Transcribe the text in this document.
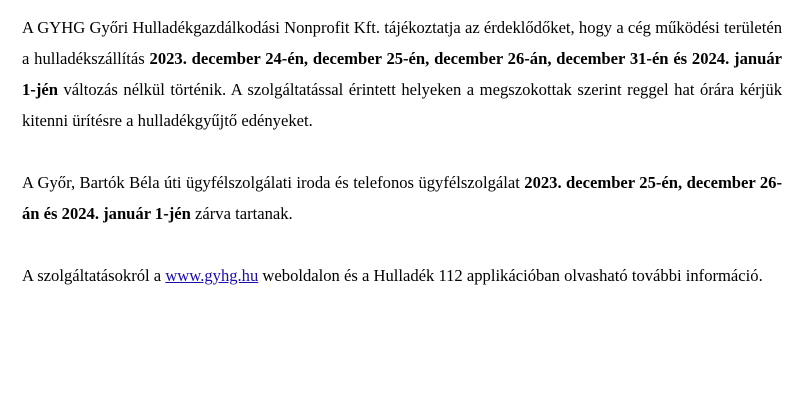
A GYHG Győri Hulladékgazdálkodási Nonprofit Kft. tájékoztatja az érdeklődőket, hogy a cég működési területén a hulladékszállítás 2023. december 24-én, december 25-én, december 26-án, december 31-én és 2024. január 1-jén változás nélkül történik. A szolgáltatással érintett helyeken a megszokottak szerint reggel hat órára kérjük kitenni ürítésre a hulladékgyűjtő edényeket.

A Győr, Bartók Béla úti ügyfélszolgálati iroda és telefonos ügyfélszolgálat 2023. december 25-én, december 26-án és 2024. január 1-jén zárva tartanak.

A szolgáltatásokról a www.gyhg.hu weboldalon és a Hulladék 112 applikációban olvasható további információ.
